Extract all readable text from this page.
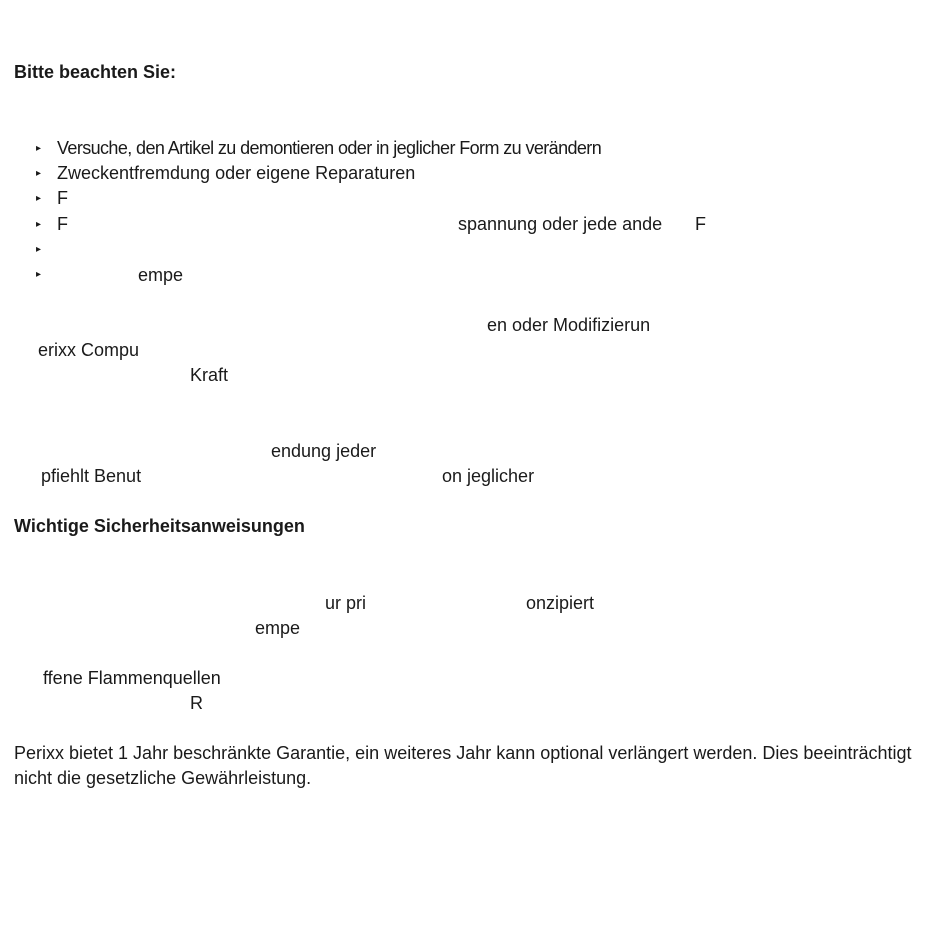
Bitte beachten Sie:
▸ Versuche, den Artikel zu demontieren oder in jeglicher Form zu verändern
▸ Zweckentfremdung oder eigene Reparaturen
▸ F
▸ F	spannung oder jede ande F
▸
▸	empe
en oder Modifizierun
erixx Compu
Kraft
endung jeder
pfiehlt Benut	on jeglicher
Wichtige Sicherheitsanweisungen
ur pri	onzipiert
empe
ffene Flammenquellen
R
Perixx bietet 1 Jahr beschränkte Garantie, ein weiteres Jahr kann optional verlängert werden. Dies beeinträchtigt nicht die gesetzliche Gewährleistung.
